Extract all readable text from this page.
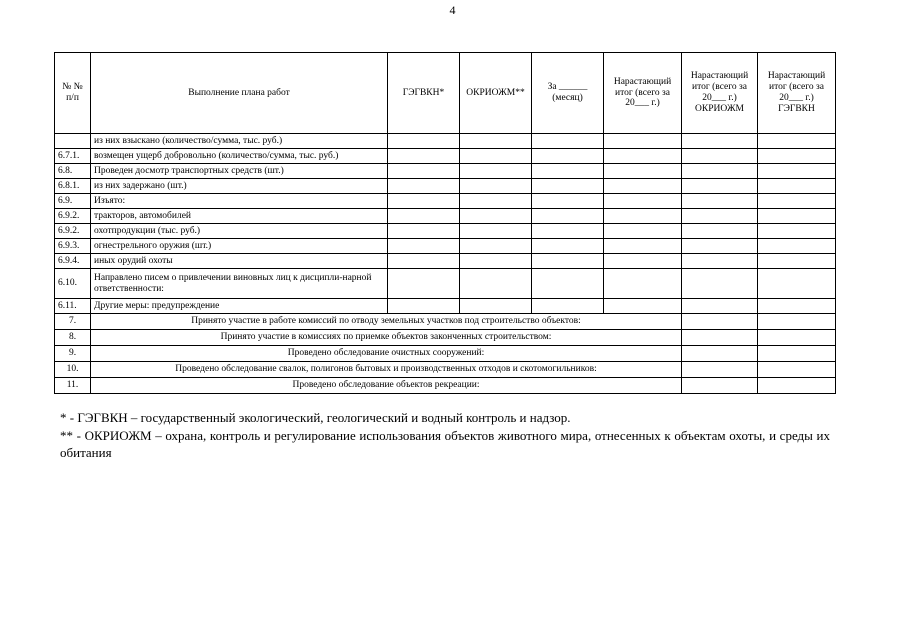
4
№ № п/п	Выполнение плана работ	ГЭГВКН*	ОКРИОЖМ**	За ______ (месяц)	Нарастающий итог (всего за 20___ г.)	Нарастающий итог (всего за 20___ г.) ОКРИОЖМ	Нарастающий итог (всего за 20___ г.) ГЭГВКН
	из них взыскано (количество/сумма, тыс. руб.)						
6.7.1.	возмещен ущерб добровольно (количество/сумма, тыс. руб.)						
6.8.	Проведен досмотр транспортных средств (шт.)						
6.8.1.	из них задержано (шт.)						
6.9.	Изъято:						
6.9.2.	тракторов, автомобилей						
6.9.2.	охотпродукции (тыс. руб.)						
6.9.3.	огнестрельного оружия (шт.)						
6.9.4.	иных орудий охоты						
6.10.	Направлено писем о привлечении виновных лиц к дисципли-нарной ответственности:						
6.11.	Другие меры: предупреждение						
7.	Принято участие в работе комиссий по отводу земельных участков под строительство объектов:						
8.	Принято участие в комиссиях по приемке объектов законченных строительством:						
9.	Проведено обследование очистных сооружений:						
10.	Проведено обследование свалок, полигонов бытовых и производственных отходов и скотомогильников:						
11.	Проведено обследование объектов рекреации:						
* - ГЭГВКН – государственный экологический, геологический и водный контроль и надзор.
** - ОКРИОЖМ – охрана, контроль и регулирование использования объектов животного мира, отнесенных к объектам охоты, и среды их обитания
